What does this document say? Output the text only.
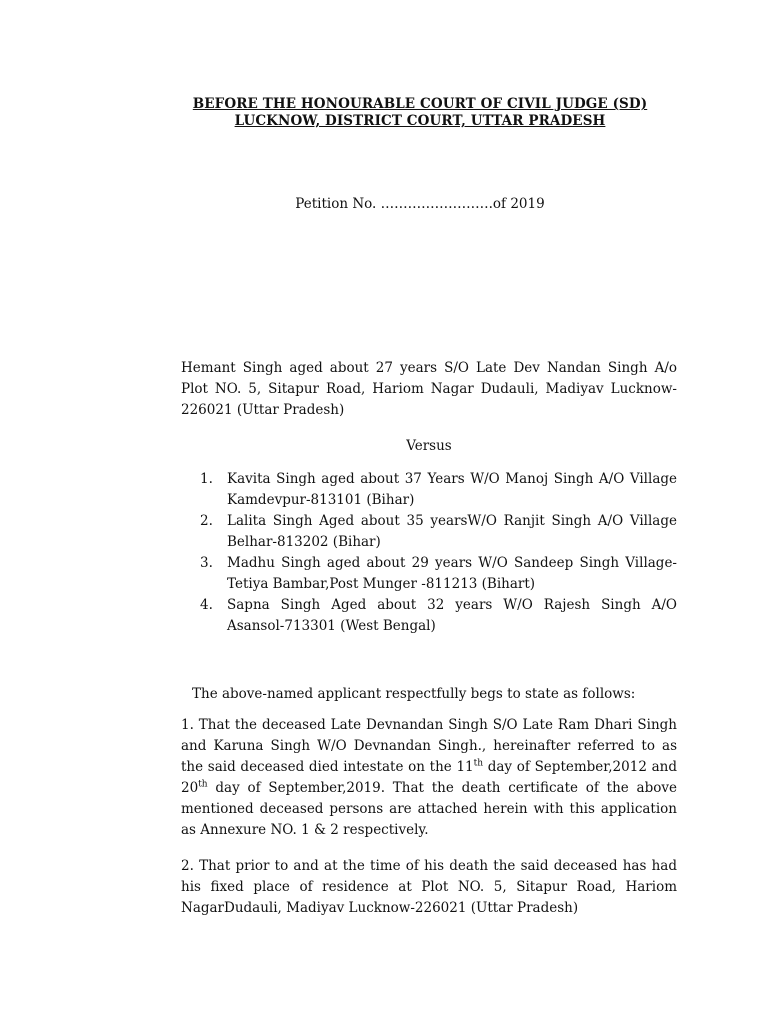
BEFORE THE HONOURABLE COURT OF CIVIL JUDGE (SD)
LUCKNOW, DISTRICT COURT, UTTAR PRADESH
Petition No. …………………….of 2019
Hemant Singh aged about 27 years S/O Late Dev Nandan Singh A/o Plot NO. 5, Sitapur Road, Hariom Nagar Dudauli, Madiyav Lucknow-226021 (Uttar Pradesh)
Versus
1. Kavita Singh aged about 37 Years W/O Manoj Singh A/O Village Kamdevpur-813101 (Bihar)
2. Lalita Singh Aged about 35 yearsW/O Ranjit Singh A/O Village Belhar-813202 (Bihar)
3. Madhu Singh aged about 29 years W/O Sandeep Singh Village-Tetiya Bambar,Post Munger -811213 (Bihart)
4. Sapna Singh Aged about 32 years W/O Rajesh Singh A/O Asansol-713301 (West Bengal)
The above-named applicant respectfully begs to state as follows:
1. That the deceased Late Devnandan Singh S/O Late Ram Dhari Singh and Karuna Singh W/O Devnandan Singh., hereinafter referred to as the said deceased died intestate on the 11th day of September,2012 and 20th day of September,2019. That the death certificate of the above mentioned deceased persons are attached herein with this application as Annexure NO. 1 & 2 respectively.
2. That prior to and at the time of his death the said deceased has had his fixed place of residence at Plot NO. 5, Sitapur Road, Hariom NagarDudauli, Madiyav Lucknow-226021 (Uttar Pradesh)
